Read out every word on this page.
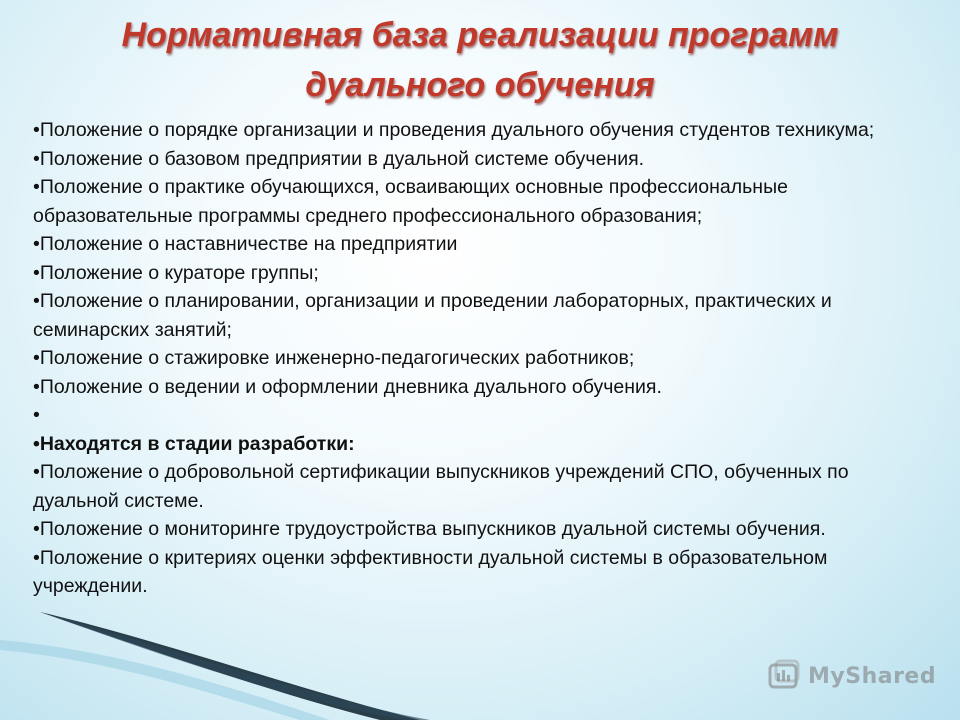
Нормативная база реализации программ
дуального обучения

•Положение о порядке организации и проведения дуального обучения студентов техникума;

•Положение о базовом предприятии в дуальной системе обучения.

•Положение о практике обучающихся, осваивающих основные профессиональные образовательные программы среднего профессионального образования;

•Положение о наставничестве на предприятии

•Положение о кураторе группы;

•Положение о планировании, организации и проведении лабораторных, практических и семинарских занятий;

•Положение о стажировке инженерно-педагогических работников;

•Положение о ведении и оформлении дневника дуального обучения.

•

•Находятся в стадии разработки:

•Положение о добровольной сертификации выпускников учреждений СПО, обученных по дуальной системе.

•Положение о мониторинге трудоустройства выпускников дуальной системы обучения.

•Положение о критериях оценки эффективности дуальной системы в образовательном учреждении.

MyShared
